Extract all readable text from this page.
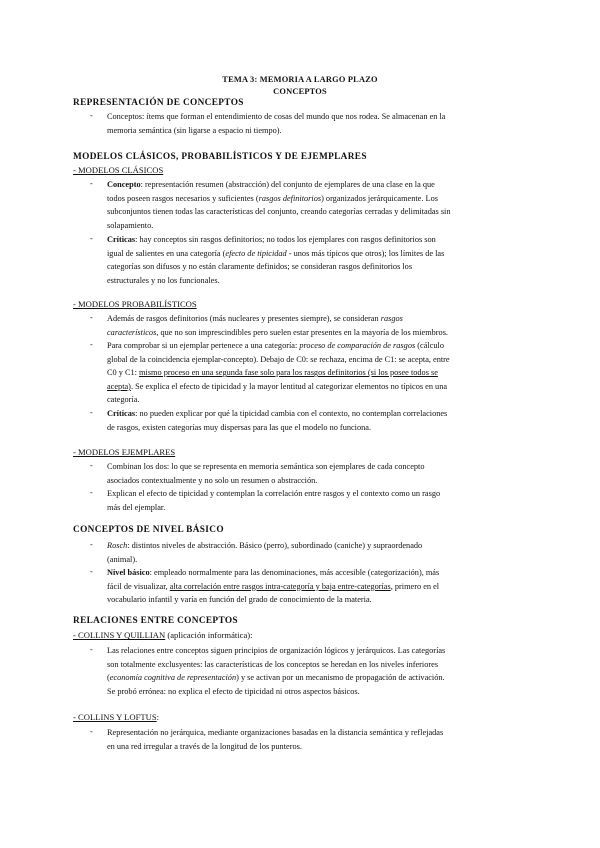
TEMA 3: MEMORIA A LARGO PLAZO
CONCEPTOS
REPRESENTACIÓN DE CONCEPTOS
- Conceptos: ítems que forman el entendimiento de cosas del mundo que nos rodea. Se almacenan en la

memoria semántica (sin ligarse a espacio ni tiempo).

MODELOS CLÁSICOS, PROBABILÍSTICOS Y DE EJEMPLARES
- MODELOS CLÁSICOS
- Concepto: representación resumen (abstracción) del conjunto de ejemplares de una clase en la que

todos poseen rasgos necesarios y suficientes (rasgos definitorios) organizados jerárquicamente. Los

subconjuntos tienen todas las características del conjunto, creando categorías cerradas y delimitadas sin

solapamiento.

- Críticas: hay conceptos sin rasgos definitorios; no todos los ejemplares con rasgos definitorios son

igual de salientes en una categoría (efecto de tipicidad - unos más típicos que otros); los límites de las

categorías son difusos y no están claramente definidos; se consideran rasgos definitorios los

estructurales y no los funcionales.

- MODELOS PROBABILÍSTICOS
- Además de rasgos definitorios (más nucleares y presentes siempre), se consideran rasgos

característicos, que no son imprescindibles pero suelen estar presentes en la mayoría de los miembros.

- Para comprobar si un ejemplar pertenece a una categoría: proceso de comparación de rasgos (cálculo

global de la coincidencia ejemplar-concepto). Debajo de C0: se rechaza, encima de C1: se acepta, entre

C0 y C1: mismo proceso en una segunda fase solo para los rasgos definitorios (si los posee todos se

acepta). Se explica el efecto de tipicidad y la mayor lentitud al categorizar elementos no típicos en una

categoría.

- Críticas: no pueden explicar por qué la tipicidad cambia con el contexto, no contemplan correlaciones

de rasgos, existen categorías muy dispersas para las que el modelo no funciona.

- MODELOS EJEMPLARES
- Combinan los dos: lo que se representa en memoria semántica son ejemplares de cada concepto

asociados contextualmente y no solo un resumen o abstracción.

- Explican el efecto de tipicidad y contemplan la correlación entre rasgos y el contexto como un rasgo

más del ejemplar.

CONCEPTOS DE NIVEL BÁSICO
- Rosch: distintos niveles de abstracción. Básico (perro), subordinado (caniche) y supraordenado

(animal).

- Nivel básico: empleado normalmente para las denominaciones, más accesible (categorización), más

fácil de visualizar, alta correlación entre rasgos intra-categoría y baja entre-categorías, primero en el

vocabulario infantil y varía en función del grado de conocimiento de la materia.

RELACIONES ENTRE CONCEPTOS
- COLLINS Y QUILLIAN (aplicación informática):
- Las relaciones entre conceptos siguen principios de organización lógicos y jerárquicos. Las categorías

son totalmente exclusyentes: las características de los conceptos se heredan en los niveles inferiores

(economía cognitiva de representación) y se activan por un mecanismo de propagación de activación.

Se probó errónea: no explica el efecto de tipicidad ni otros aspectos básicos.

- COLLINS Y LOFTUS:
- Representación no jerárquica, mediante organizaciones basadas en la distancia semántica y reflejadas

en una red irregular a través de la longitud de los punteros.
